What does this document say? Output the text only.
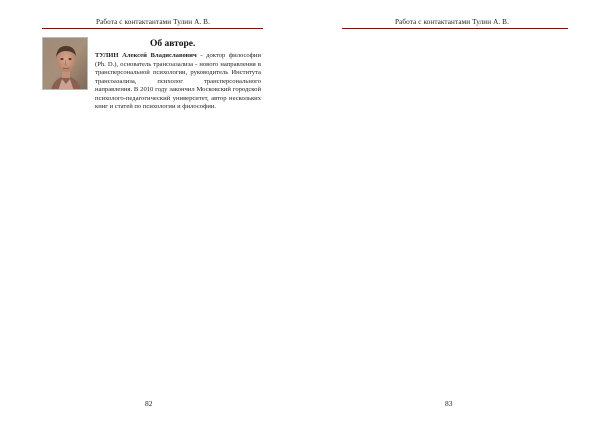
Работа с контактантами Тулин А. В.
Об авторе.
ТУЛИН Алексей Владиславович - доктор философии (Ph. D.), основатель трансоазализа - нового направления в трансперсональной психологии, руководитель Института трансоазализа, психолог трансперсонального направления. В 2010 году закончил Московский городской психолого-педагогический университет, автор нескольких книг и статей по психологии и философии.
82
Работа с контактантами Тулин А. В.
83
